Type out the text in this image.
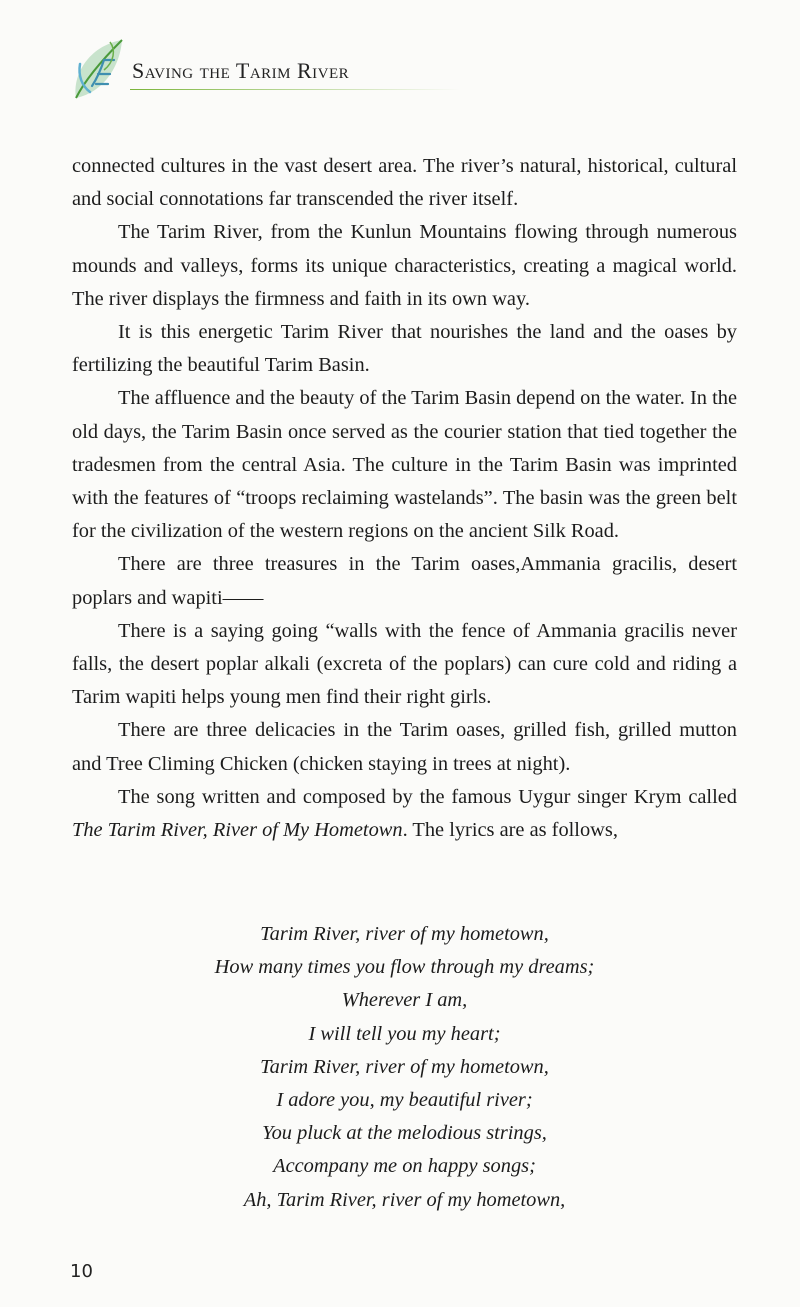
Saving the Tarim River

connected cultures in the vast desert area. The river’s natural, historical, cultural and social connotations far transcended the river itself.

The Tarim River, from the Kunlun Mountains flowing through numerous mounds and valleys, forms its unique characteristics, creating a magical world. The river displays the firmness and faith in its own way.

It is this energetic Tarim River that nourishes the land and the oases by fertilizing the beautiful Tarim Basin.

The affluence and the beauty of the Tarim Basin depend on the water. In the old days, the Tarim Basin once served as the courier station that tied together the tradesmen from the central Asia. The culture in the Tarim Basin was imprinted with the features of “troops reclaiming wastelands”. The basin was the green belt for the civilization of the western regions on the ancient Silk Road.

There are three treasures in the Tarim oases,Ammania gracilis, desert poplars and wapiti——

There is a saying going “walls with the fence of Ammania gracilis never falls, the desert poplar alkali (excreta of the poplars) can cure cold and riding a Tarim wapiti helps young men find their right girls.

There are three delicacies in the Tarim oases, grilled fish, grilled mutton and Tree Climing Chicken (chicken staying in trees at night).

The song written and composed by the famous Uygur singer Krym called The Tarim River, River of My Hometown. The lyrics are as follows,

Tarim River, river of my hometown,
How many times you flow through my dreams;
Wherever I am,
I will tell you my heart;
Tarim River, river of my hometown,
I adore you, my beautiful river;
You pluck at the melodious strings,
Accompany me on happy songs;
Ah, Tarim River, river of my hometown,
10
